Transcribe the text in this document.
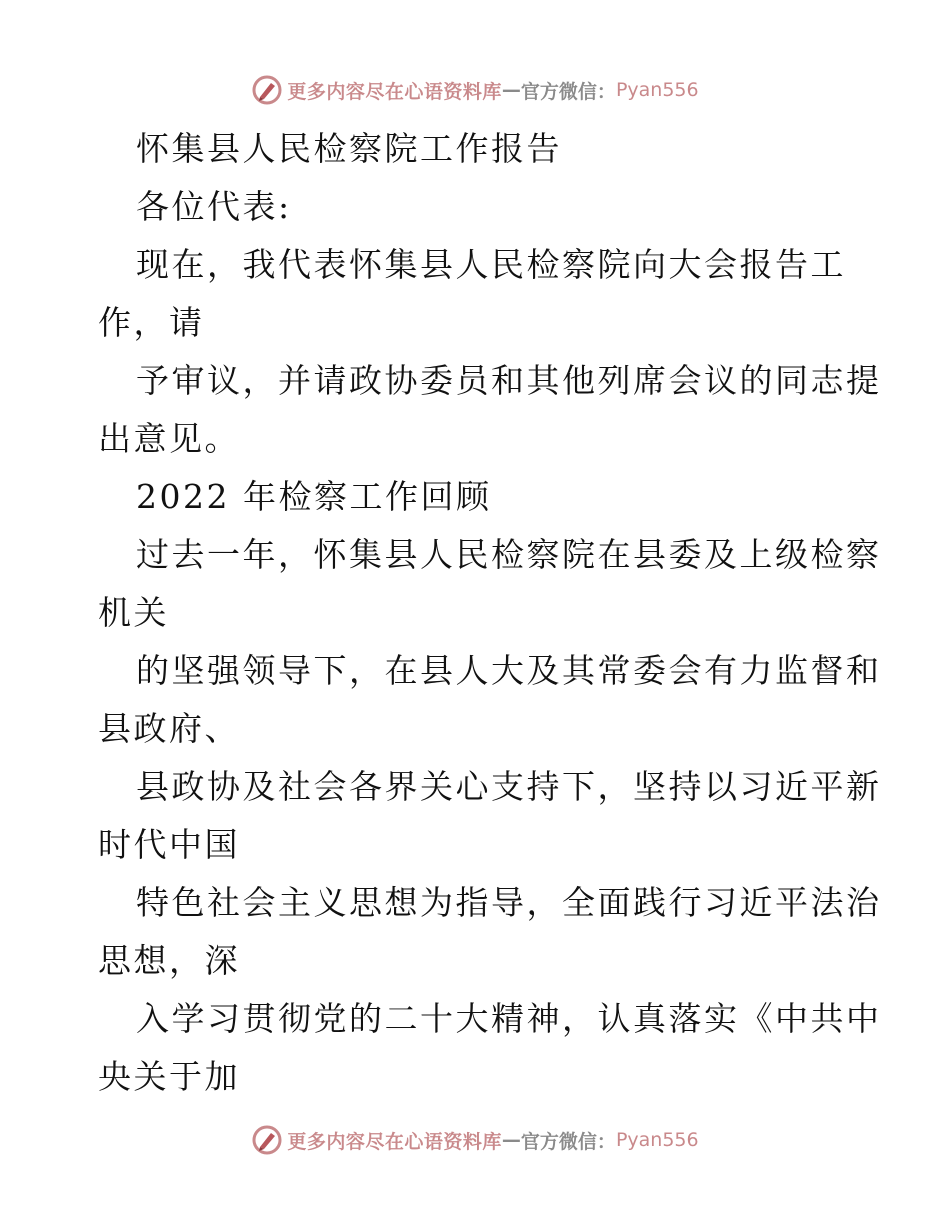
更多内容尽在心语资料库 — 官方微信： Pyan556

怀集县人民检察院工作报告

各位代表:

现在，我代表怀集县人民检察院向大会报告工

作，请

予审议，并请政协委员和其他列席会议的同志提

出意见。

2022 年检察工作回顾

过去一年，怀集县人民检察院在县委及上级检察

机关

的坚强领导下，在县人大及其常委会有力监督和

县政府、

县政协及社会各界关心支持下，坚持以习近平新

时代中国

特色社会主义思想为指导，全面践行习近平法治

思想，深

入学习贯彻党的二十大精神，认真落实《中共中

央关于加

更多内容尽在心语资料库 — 官方微信： Pyan556
